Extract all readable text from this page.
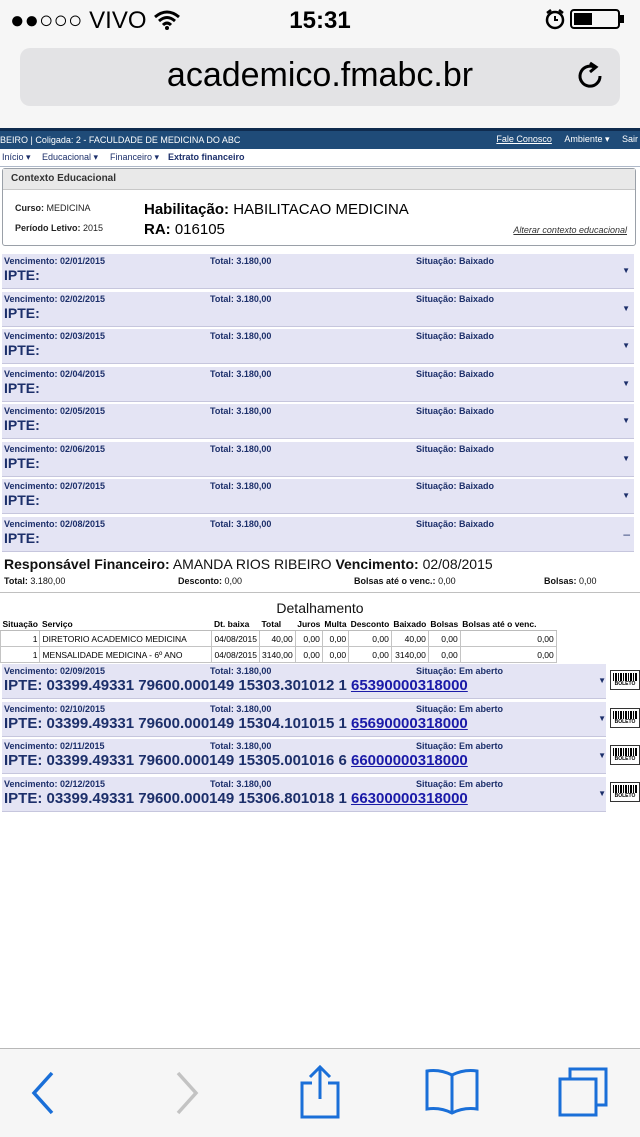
●●○○○ VIVO	15:31

academico.fmabc.br
BEIRO | Coligada: 2 - FACULDADE DE MEDICINA DO ABC	Fale Conosco Ambiente ▾ Sair
Início ▾ Educacional ▾ Financeiro ▾ Extrato financeiro
Contexto Educacional
Curso: MEDICINA
Período Letivo: 2015
Habilitação: HABILITACAO MEDICINA
RA: 016105	Alterar contexto educacional
Vencimento: 02/01/2015	Total: 3.180,00	Situação: Baixado
IPTE:	▼
Vencimento: 02/02/2015	Total: 3.180,00	Situação: Baixado
IPTE:	▼
Vencimento: 02/03/2015	Total: 3.180,00	Situação: Baixado
IPTE:	▼
Vencimento: 02/04/2015	Total: 3.180,00	Situação: Baixado
IPTE:	▼
Vencimento: 02/05/2015	Total: 3.180,00	Situação: Baixado
IPTE:	▼
Vencimento: 02/06/2015	Total: 3.180,00	Situação: Baixado
IPTE:	▼
Vencimento: 02/07/2015	Total: 3.180,00	Situação: Baixado
IPTE:	▼
Vencimento: 02/08/2015	Total: 3.180,00	Situação: Baixado
IPTE:	–
Responsável Financeiro: AMANDA RIOS RIBEIRO Vencimento: 02/08/2015
Total: 3.180,00	Desconto: 0,00	Bolsas até o venc.: 0,00	Bolsas: 0,00
Detalhamento
Situação	Serviço	Dt. baixa	Total	Juros	Multa	Desconto	Baixado	Bolsas	Bolsas até o venc.
1	DIRETORIO ACADEMICO MEDICINA	04/08/2015	40,00	0,00	0,00	0,00	40,00	0,00	0,00
1	MENSALIDADE MEDICINA - 6º ANO	04/08/2015	3140,00	0,00	0,00	0,00	3140,00	0,00	0,00
Vencimento: 02/09/2015	Total: 3.180,00	Situação: Em aberto
IPTE: 03399.49331 79600.000149 15303.301012 1 65390000318000	▼	BOLETO
Vencimento: 02/10/2015	Total: 3.180,00	Situação: Em aberto
IPTE: 03399.49331 79600.000149 15304.101015 1 65690000318000	▼	BOLETO
Vencimento: 02/11/2015	Total: 3.180,00	Situação: Em aberto
IPTE: 03399.49331 79600.000149 15305.001016 6 66000000318000	▼	BOLETO
Vencimento: 02/12/2015	Total: 3.180,00	Situação: Em aberto
IPTE: 03399.49331 79600.000149 15306.801018 1 66300000318000	▼	BOLETO
